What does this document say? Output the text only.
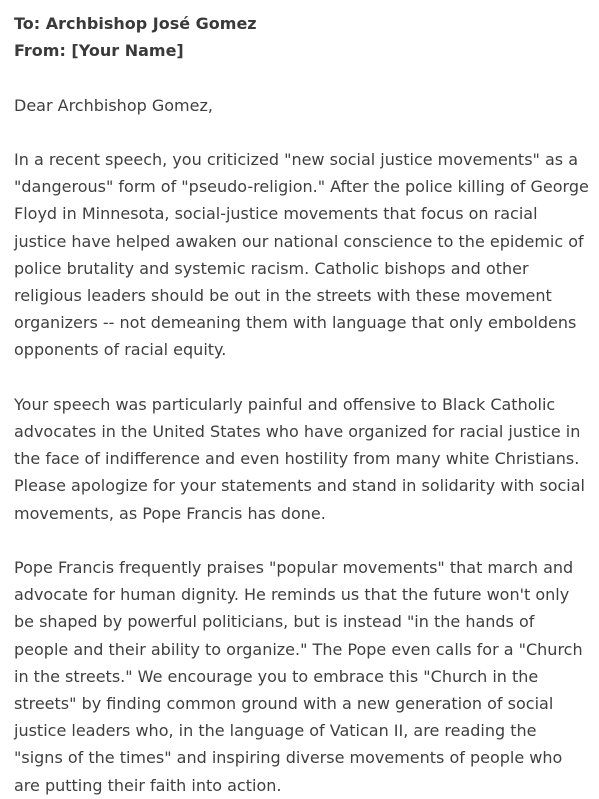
To: Archbishop José Gomez

From: [Your Name]

Dear Archbishop Gomez,

In a recent speech, you criticized "new social justice movements" as a "dangerous" form of "pseudo-religion." After the police killing of George Floyd in Minnesota, social-justice movements that focus on racial justice have helped awaken our national conscience to the epidemic of police brutality and systemic racism. Catholic bishops and other religious leaders should be out in the streets with these movement organizers -- not demeaning them with language that only emboldens opponents of racial equity.

Your speech was particularly painful and offensive to Black Catholic advocates in the United States who have organized for racial justice in the face of indifference and even hostility from many white Christians. Please apologize for your statements and stand in solidarity with social movements, as Pope Francis has done.

Pope Francis frequently praises "popular movements" that march and advocate for human dignity. He reminds us that the future won't only be shaped by powerful politicians, but is instead "in the hands of people and their ability to organize." The Pope even calls for a "Church in the streets." We encourage you to embrace this "Church in the streets" by finding common ground with a new generation of social justice leaders who, in the language of Vatican II, are reading the "signs of the times" and inspiring diverse movements of people who are putting their faith into action.
